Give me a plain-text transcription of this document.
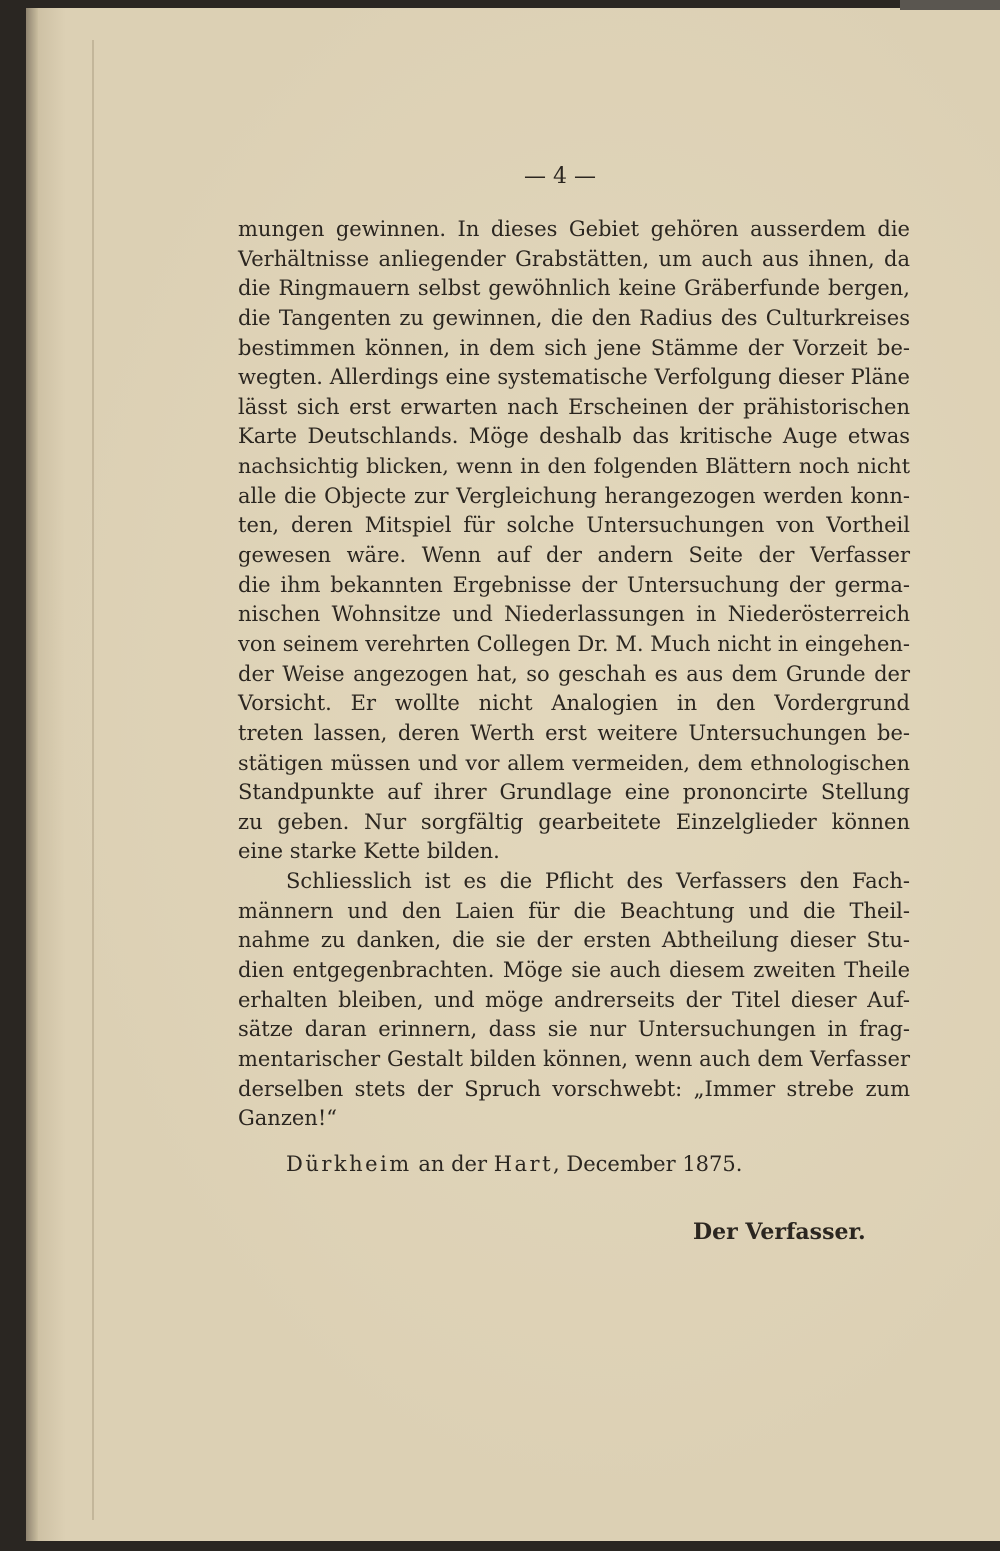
— 4 —
mungen gewinnen. In dieses Gebiet gehören ausserdem die
Verhältnisse anliegender Grabstätten, um auch aus ihnen, da
die Ringmauern selbst gewöhnlich keine Gräberfunde bergen,
die Tangenten zu gewinnen, die den Radius des Culturkreises
bestimmen können, in dem sich jene Stämme der Vorzeit be-
wegten. Allerdings eine systematische Verfolgung dieser Pläne
lässt sich erst erwarten nach Erscheinen der prähistorischen
Karte Deutschlands. Möge deshalb das kritische Auge etwas
nachsichtig blicken, wenn in den folgenden Blättern noch nicht
alle die Objecte zur Vergleichung herangezogen werden konn-
ten, deren Mitspiel für solche Untersuchungen von Vortheil
gewesen wäre. Wenn auf der andern Seite der Verfasser
die ihm bekannten Ergebnisse der Untersuchung der germa-
nischen Wohnsitze und Niederlassungen in Niederösterreich
von seinem verehrten Collegen Dr. M. Much nicht in eingehen-
der Weise angezogen hat, so geschah es aus dem Grunde der
Vorsicht. Er wollte nicht Analogien in den Vordergrund
treten lassen, deren Werth erst weitere Untersuchungen be-
stätigen müssen und vor allem vermeiden, dem ethnologischen
Standpunkte auf ihrer Grundlage eine prononcirte Stellung
zu geben. Nur sorgfältig gearbeitete Einzelglieder können
eine starke Kette bilden.
Schliesslich ist es die Pflicht des Verfassers den Fach-
männern und den Laien für die Beachtung und die Theil-
nahme zu danken, die sie der ersten Abtheilung dieser Stu-
dien entgegenbrachten. Möge sie auch diesem zweiten Theile
erhalten bleiben, und möge andrerseits der Titel dieser Auf-
sätze daran erinnern, dass sie nur Untersuchungen in frag-
mentarischer Gestalt bilden können, wenn auch dem Verfasser
derselben stets der Spruch vorschwebt: „Immer strebe zum
Ganzen!“
Dürkheim an der Hart, December 1875.
Der Verfasser.
